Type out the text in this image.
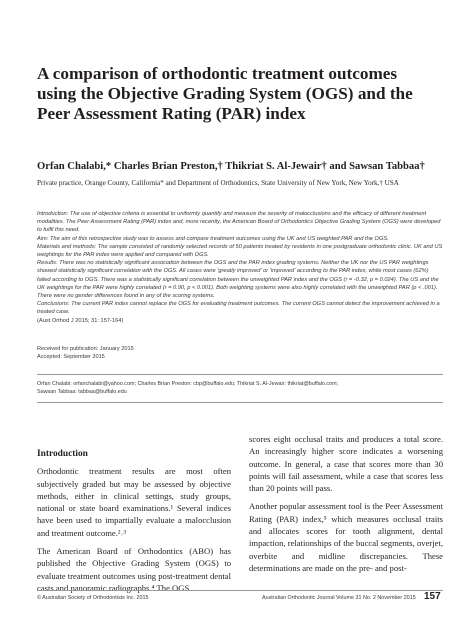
A comparison of orthodontic treatment outcomes using the Objective Grading System (OGS) and the Peer Assessment Rating (PAR) index
Orfan Chalabi,* Charles Brian Preston,† Thikriat S. Al-Jewair† and Sawsan Tabbaa†
Private practice, Orange County, California* and Department of Orthodontics, State University of New York, New York,† USA

Introduction: The use of objective criteria is essential to uniformly quantify and measure the severity of malocclusions and the efficacy of different treatment modalities. The Peer Assessment Rating (PAR) index and, more recently, the American Board of Orthodontics Objective Grading System (OGS) were developed to fulfil this need.

Aim: The aim of this retrospective study was to assess and compare treatment outcomes using the UK and US weighted PAR and the OGS.

Materials and methods: The sample consisted of randomly selected records of 50 patients treated by residents in one postgraduate orthodontic clinic. UK and US weightings for the PAR index were applied and compared with OGS.

Results: There was no statistically significant association between the OGS and the PAR index grading systems. Neither the UK nor the US PAR weightings showed statistically significant correlation with the OGS. All cases were 'greatly improved' or 'improved' according to the PAR index, while most cases (62%) failed according to OGS. There was a statistically significant correlation between the unweighted PAR index and the OGS (r = -0.32, p = 0.024). The US and the UK weightings for the PAR were highly correlated (r = 0.90, p < 0.001). Both weighting systems were also highly correlated with the unweighted PAR (p < .001). There were no gender differences found in any of the scoring systems.

Conclusions: The current PAR index cannot replace the OGS for evaluating treatment outcomes. The current OGS cannot detect the improvement achieved in a treated case.

(Aust Orthod J 2015; 31: 157-164)

Received for publication: January 2015
Accepted: September 2015
Orfan Chalabi: orfanchalabi@yahoo.com; Charles Brian Preston: cbp@buffalo.edu; Thikriat S. Al-Jewair: thikriat@buffalo.com;
Sawsan Tabbaa: tabbaa@buffalo.edu
Introduction

Orthodontic treatment results are most often subjectively graded but may be assessed by objective methods, either in clinical settings, study groups, national or state board examinations.¹ Several indices have been used to impartially evaluate a malocclusion and treatment outcome.²˒³

The American Board of Orthodontics (ABO) has published the Objective Grading System (OGS) to evaluate treatment outcomes using post-treatment dental casts and panoramic radiographs.⁴ The OGS

scores eight occlusal traits and produces a total score. An increasingly higher score indicates a worsening outcome. In general, a case that scores more than 30 points will fail assessment, while a case that scores less than 20 points will pass.

Another popular assessment tool is the Peer Assessment Rating (PAR) index,⁵ which measures occlusal traits and allocates scores for tooth alignment, dental impaction, relationships of the buccal segments, overjet, overbite and midline discrepancies. These determinations are made on the pre- and post-

© Australian Society of Orthodontists Inc. 2015	Australian Orthodontic Journal Volume 31 No. 2 November 2015 157
